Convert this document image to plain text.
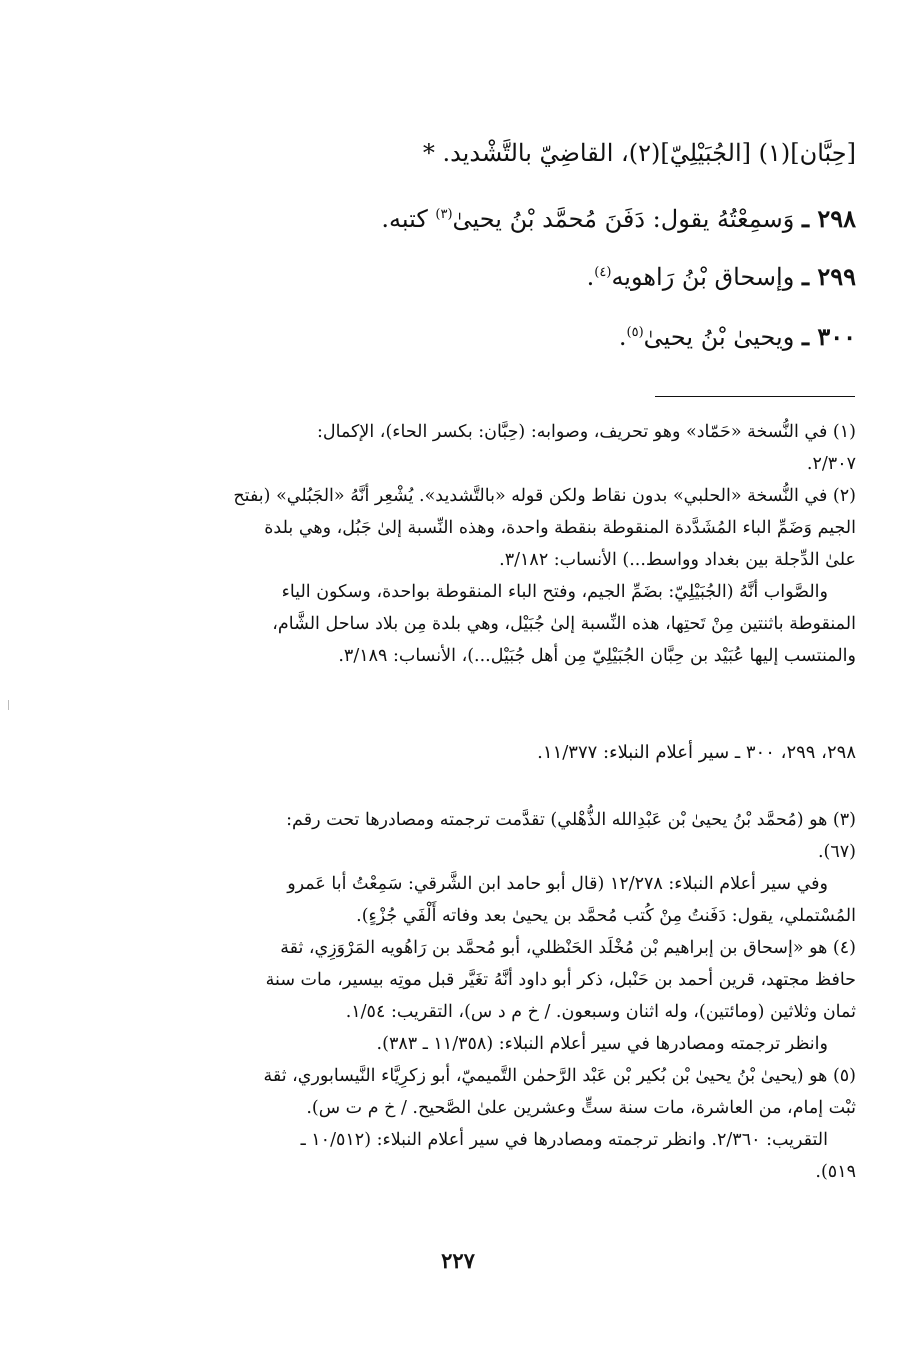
[حِبَّان](١) [الجُبَيْلِيّ](٢)، القاضِيّ بالتَّشْديد. *
٢٩٨ ـ وَسمِعْتُهُ يقول: دَفَنَ مُحمَّد بْنُ يحيىٰ$^{(٣)}$ كتبه.
٢٩٩ ـ وإسحاق بْنُ رَاهويه$^{(٤)}$.
٣٠٠ ـ ويحيىٰ بْنُ يحيىٰ$^{(٥)}$.

(١) في النُّسخة «حَمّاد» وهو تحريف، وصوابه: (حِبَّان: بكسر الحاء)، الإكمال:

٢/٣٠٧.

(٢) في النُّسخة «الحلبي» بدون نقاط ولكن قوله «بالتَّشديد». يُشْعِر أنَّهُ «الجَبُلي» (بفتح

الجيم وَضَمِّ الباء المُشَدَّدة المنقوطة بنقطة واحدة، وهذه النِّسبة إلىٰ جَبُل، وهي بلدة

علىٰ الدِّجلة بين بغداد وواسط...) الأنساب: ٣/١٨٢.

والصَّواب أنَّهُ (الجُبَيْلِيّ: بضَمِّ الجيم، وفتح الباء المنقوطة بواحدة، وسكون الياء

المنقوطة باثنتين مِنْ تَحتِها، هذه النِّسبة إلىٰ جُبَيْل، وهي بلدة مِن بلاد ساحل الشَّام،

والمنتسب إليها عُبَيْد بن حِبَّان الجُبَيْلِيّ مِن أهل جُبَيْل...)، الأنساب: ٣/١٨٩.

٢٩٨، ٢٩٩، ٣٠٠ ـ سير أعلام النبلاء: ١١/٣٧٧.

(٣) هو (مُحمَّد بْنُ يحيىٰ بْن عَبْدِالله الذُّهْلي) تقدَّمت ترجمته ومصادرها تحت رقم:

(٦٧).

وفي سير أعلام النبلاء: ١٢/٢٧٨ (قال أبو حامد ابن الشَّرقي: سَمِعْتُ أبا عَمرو

المُسْتملي، يقول: دَفَنتُ مِنْ كُتب مُحمَّد بن يحيىٰ بعد وفاته أَلْفَي جُزْءٍ).

(٤) هو «إسحاق بن إبراهيم بْن مُخْلَد الحَنْظلي، أبو مُحمَّد بن رَاهُويه المَرْوَزِي، ثقة

حافظ مجتهد، قرين أحمد بن حَنْبل، ذكر أبو داود أنَّهُ تغَيَّر قبل موتِه بيسير، مات سنة

ثمان وثلاثين (ومائتين)، وله اثنان وسبعون. / خ م د س)، التقريب: ١/٥٤.

وانظر ترجمته ومصادرها في سير أعلام النبلاء: (١١/٣٥٨ ـ ٣٨٣).

(٥) هو (يحيىٰ بْنُ يحيىٰ بْن بُكير بْن عَبْد الرَّحمٰن التَّميميّ، أبو زكرِيَّاء النَّيسابوري، ثقة

ثبْت إمام، من العاشرة، مات سنة ستٍّ وعشرين علىٰ الصَّحيح. / خ م ت س).

التقريب: ٢/٣٦٠. وانظر ترجمته ومصادرها في سير أعلام النبلاء: (١٠/٥١٢ ـ

٥١٩).

٢٢٧
